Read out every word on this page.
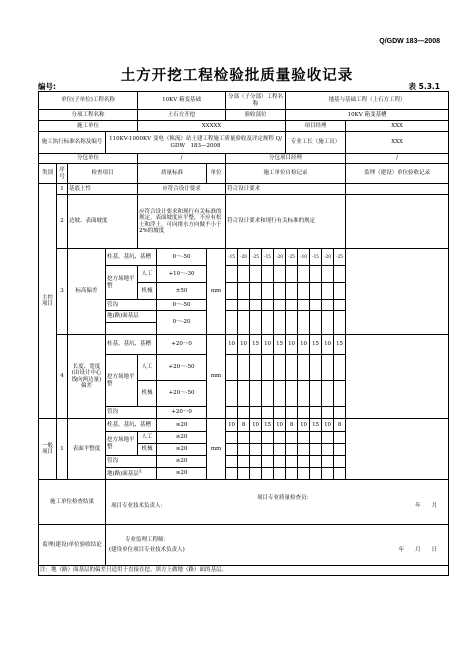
Q/GDW 183—2008
土方开挖工程检验批质量验收记录
编号:	表 5.3.1
单位(子单位)工程名称				10KV 箱变基础			分部（子分部）工程名称					地基与基础工程（土石方工程）					
分项工程名称				土石方开挖			验收部位					10KV 箱变基槽					
施工单位				XXXXX								项目经理					XXX
施工执行标准名称及编号			110KV-1000KV 变电（换流）站土建工程施工质量验收及评定规程 Q/GDW　183—2008									专业工长（施工员）					XXX
分包单位				/			分包项目经理										/
类别	序号	检查项目		质量标准		单位	施工单位自检记录										监理（建设）单位验收记录
主控项目	1	基底土性		应符合设计要求			符合设计要求										
	2	边坡、表面坡度		应符合设计要求和现行有关标准的规定，表面坡度应平整，不应有松土和浮土。可向排水方向做不小于2%的坡度			符合设计要求和现行有关标准的规定										
	3	标高偏差	柱基、基坑、基槽		0～-50	mm	-15	-20	-25	-15	-20	-25	-10	-15	-20	-25	
			挖方场地平整	人工	+10～-30												
				机械	±50												
			管沟		0～-50												
			地(路)面基层		0～-20												

	4	长度、宽度(由设计中心线向两边量)偏差	柱基、基坑、基槽		+20～0	mm	10	10	15	10	15	10	10	15	10	15	
			挖方场地平整	人工	+20～-50												

				机械	+20～-50												

			管沟		+20～0												
一般项目	1	表面平整度	柱基、基坑、基槽		≤20	mm	10	8	10	15	10	8	10	15	10	8	
			挖方场地平整	人工	≤20												
				机械	≤20												
			管沟		≤20												
			地(路)面基层$^注$		≤20												
施工单位检查结果			项目专业质量检查员：
项目专业技术负责人： 年　　月														

监理(建设)单位验收结论			专业监理工程师：
(建设单位项目专业技术负责人) 年　　月　　日														

注：地（路）面基层的偏差只适用于直接在挖、填方上做地（路）面的基层。																	
